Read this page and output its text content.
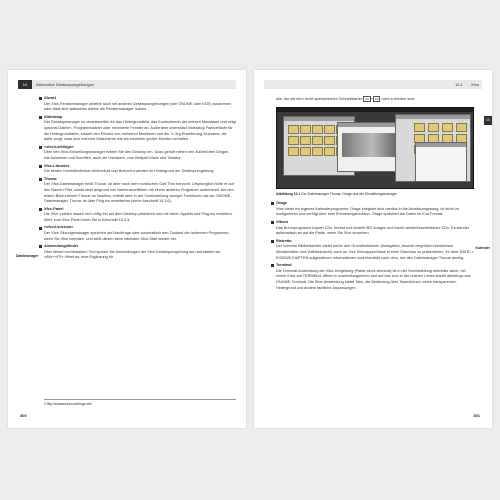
10 Alternative Desktopumgebungen
Dateimanager
Xfwm4
Der Xfce-Fenstermanager arbeitet auch mit anderen Desktopumgebungen (wie GNOME oder KDE) zusammen oder lässt sich wahlweise alleine als Fenstermanager nutzen.
Xfdesktop
Der Desktopmanager ist verantwortlich für das Hintergrundbild, das Kontextmenü der rechten Maustaste und zeigt optional Dateien, Programmstarter oder minimierte Fenster an. Außerdem unterstützt Xfdesktop Farbverläufe für die Hintergrundfarbe, erlaubt den Einsatz von mehreren Monitoren und der X.Org-Erweiterung Xinerama, die dafür sorgt, dass sich mehrere Bildschirme wie ein einzelner großer Monitor verhalten.
»xfce4-settings«
Über den Xfce-Einstellungsmanager richten Sie den Desktop ein. Dazu gehört neben rein äußerlichen Dingen, wie Aussehen und Schriften, auch die Hardware, zum Beispiel Maus und Tastatur.
Xfce-Libraries
Die beiden Kernbibliotheken libxfce4util und libxfce4ui werden im Hintergrund der Desktopumgebung.
Thunar
Der Xfce-Dateimanager heißt Thunar, ist aber nach dem nordischen Gott Thor benannt. Ursprünglich hörte er auf den Namen Filer, wurde aber aufgrund von Namenskonflikten mit einem anderen Programm umbenannt. Auf den ersten Blick erinnert Thunar an Nautilus, enthält aber in der Voreinstellung weniger Funktionen als der GNOME-Dateimanager. Thunar ist über Plug-ins erweiterbar (siehe Abschnitt 10.3.6).
Xfce-Panel
Die Xfce-Leisten lassen sich völlig frei auf dem Desktop platzieren und mit vielen Applets und Plug-ins erweitern. Mehr zum Xfce-Panel lesen Sie in Abschnitt 10.3.3.
»xfce4-session«
Der Xfce-Sitzungsmanager speichert auf Nachfrage oder automatisch den Zustand der laufenden Programme, wenn Sie Xfce beenden, und stellt diesen beim nächsten Xfce-Start wieder her.
Anwendungsfinder
Über diesen komfortablen Tool spüren Sie Anwendungen der Xfce-Desktopumgebung auf und starten sie. »Alt«+»F2« öffnet es; eine Ergänzung für
1 http://xinerama.sourceforge.net/
300
10.1 Xfce
10
Kalender
alle, die mit dem recht spartanischen Schnellstarter Alt + F2 nicht zufrieden sind.
Abbildung 10.1 Der Dateimanager Thunar, Orage und der Einstellungsmanager
Orage
Xfce bietet ein eigenes Kalenderprogramm: Orage integriert sich nahtlos in die Arbeitsumgebung, ist leicht zu konfigurieren und verfügt über eine Erinnerungsfunktion. Orage speichert die Daten im iCal-Format.
Xfburn
Das Brennprogramm kopiert CDs, brennt und erstellt ISO-Images und löscht wiederbeschreibbare CDs. Es wendet automatisch an auf die Platte, wenn Sie Xfce einsetzen.
Ristretto
Der schnelle Bildbetrachter bietet außer den Grundfunktionen (Navigation, Ansicht vergrößern/verkleinern, Miniaturbilder und Vollbildansicht) auch an, Ihre Schnappschüsse in einer Diaschau zu präsentieren. Ihr über DATEI • EIGENSCHAFTEN aufgerufenen Informationen sind ebenfalls nach dem, der den Dateimanager Thunar anzeig.
Terminal
Die Terminal-Anwendung der Xfce-Umgebung (Paket xfce4-terminal) ist in der Voreinstellung ebenfalls dabei, bei einem Klick auf TERMINAL öffnen in Anwendungsmenü und auf das Icon in der unteren Leiste startet allerdings das GNOME-Terminal. Die Xfce-Anwendung bietet Tabs, die Bedienung über Tastenkürzel, einen transparenten Hintergrund und andere farbliche Anpassungen.
301
